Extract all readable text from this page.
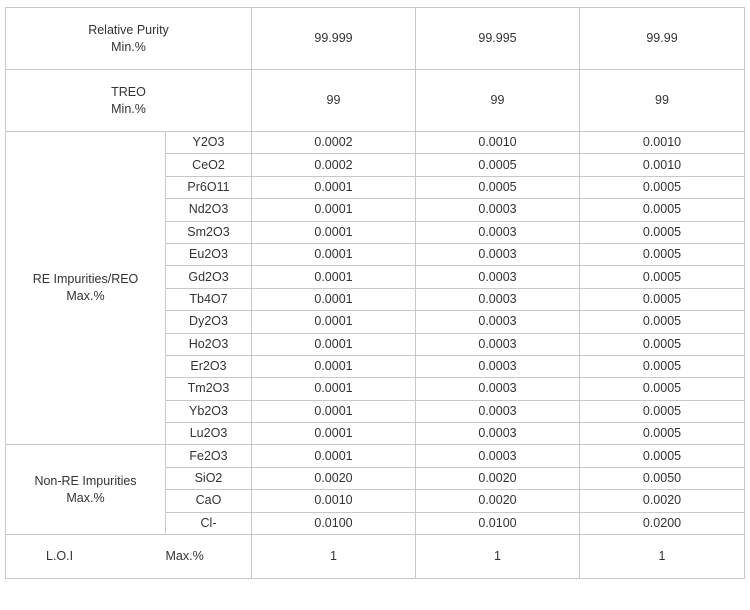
Relative Purity
Min.%		99.999	99.995	99.99

TREO
Min.%		99	99	99

RE Impurities/REO
Max.%	Y2O3	0.0002	0.0010	0.0010
	CeO2	0.0002	0.0005	0.0010
	Pr6O11	0.0001	0.0005	0.0005
	Nd2O3	0.0001	0.0003	0.0005
	Sm2O3	0.0001	0.0003	0.0005
	Eu2O3	0.0001	0.0003	0.0005
	Gd2O3	0.0001	0.0003	0.0005
	Tb4O7	0.0001	0.0003	0.0005
	Dy2O3	0.0001	0.0003	0.0005
	Ho2O3	0.0001	0.0003	0.0005
	Er2O3	0.0001	0.0003	0.0005
	Tm2O3	0.0001	0.0003	0.0005
	Yb2O3	0.0001	0.0003	0.0005
	Lu2O3	0.0001	0.0003	0.0005

Non-RE Impurities
Max.%	Fe2O3	0.0001	0.0003	0.0005
	SiO2	0.0020	0.0020	0.0050
	CaO	0.0010	0.0020	0.0020
	Cl-	0.0100	0.0100	0.0200
L.O.I	Max.%	1	1	1
